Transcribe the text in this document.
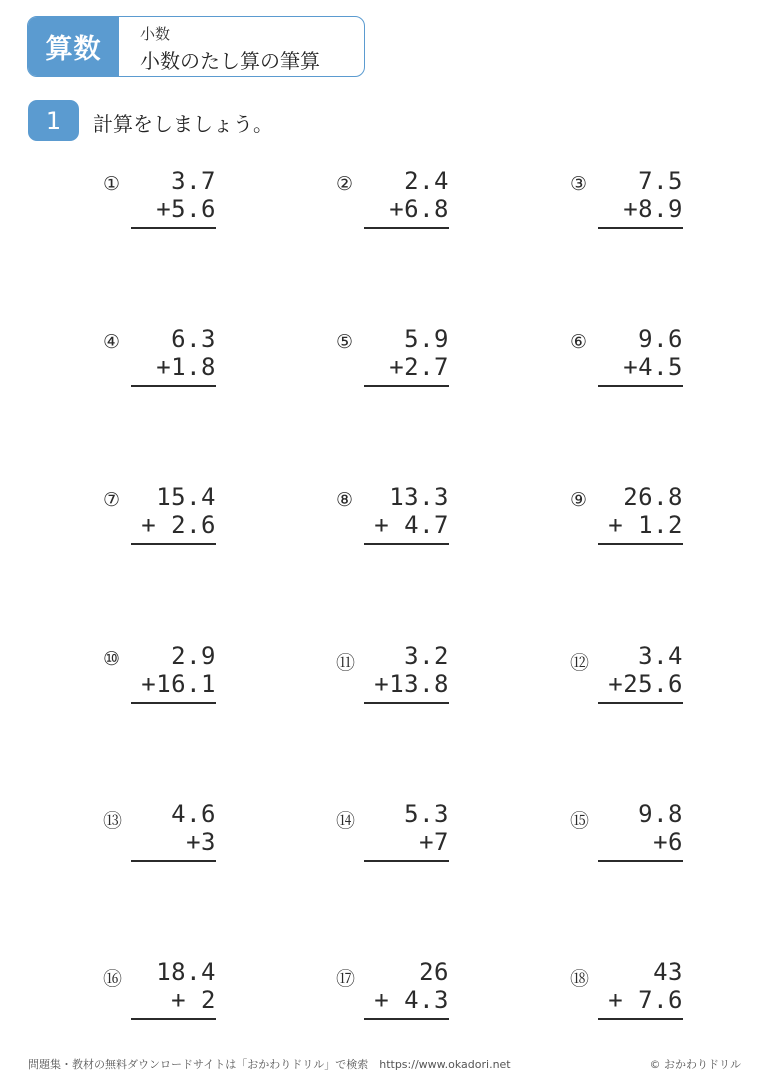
算数	小数
小数のたし算の筆算
1	計算をしましょう。
①	3.7
+5.6
②	2.4
+6.8
③	7.5
+8.9
④	6.3
+1.8
⑤	5.9
+2.7
⑥	9.6
+4.5
⑦	15.4
+ 2.6
⑧	13.3
+ 4.7
⑨	26.8
+ 1.2
⑩	2.9
+16.1
⑪	3.2
+13.8
⑫	3.4
+25.6
⑬	4.6
+3
⑭	5.3
+7
⑮	9.8
+6
⑯	18.4
+ 2
⑰	26
+ 4.3
⑱	43
+ 7.6
問題集・教材の無料ダウンロードサイトは「おかわりドリル」で検索　https://www.okadori.net	© おかわりドリル
